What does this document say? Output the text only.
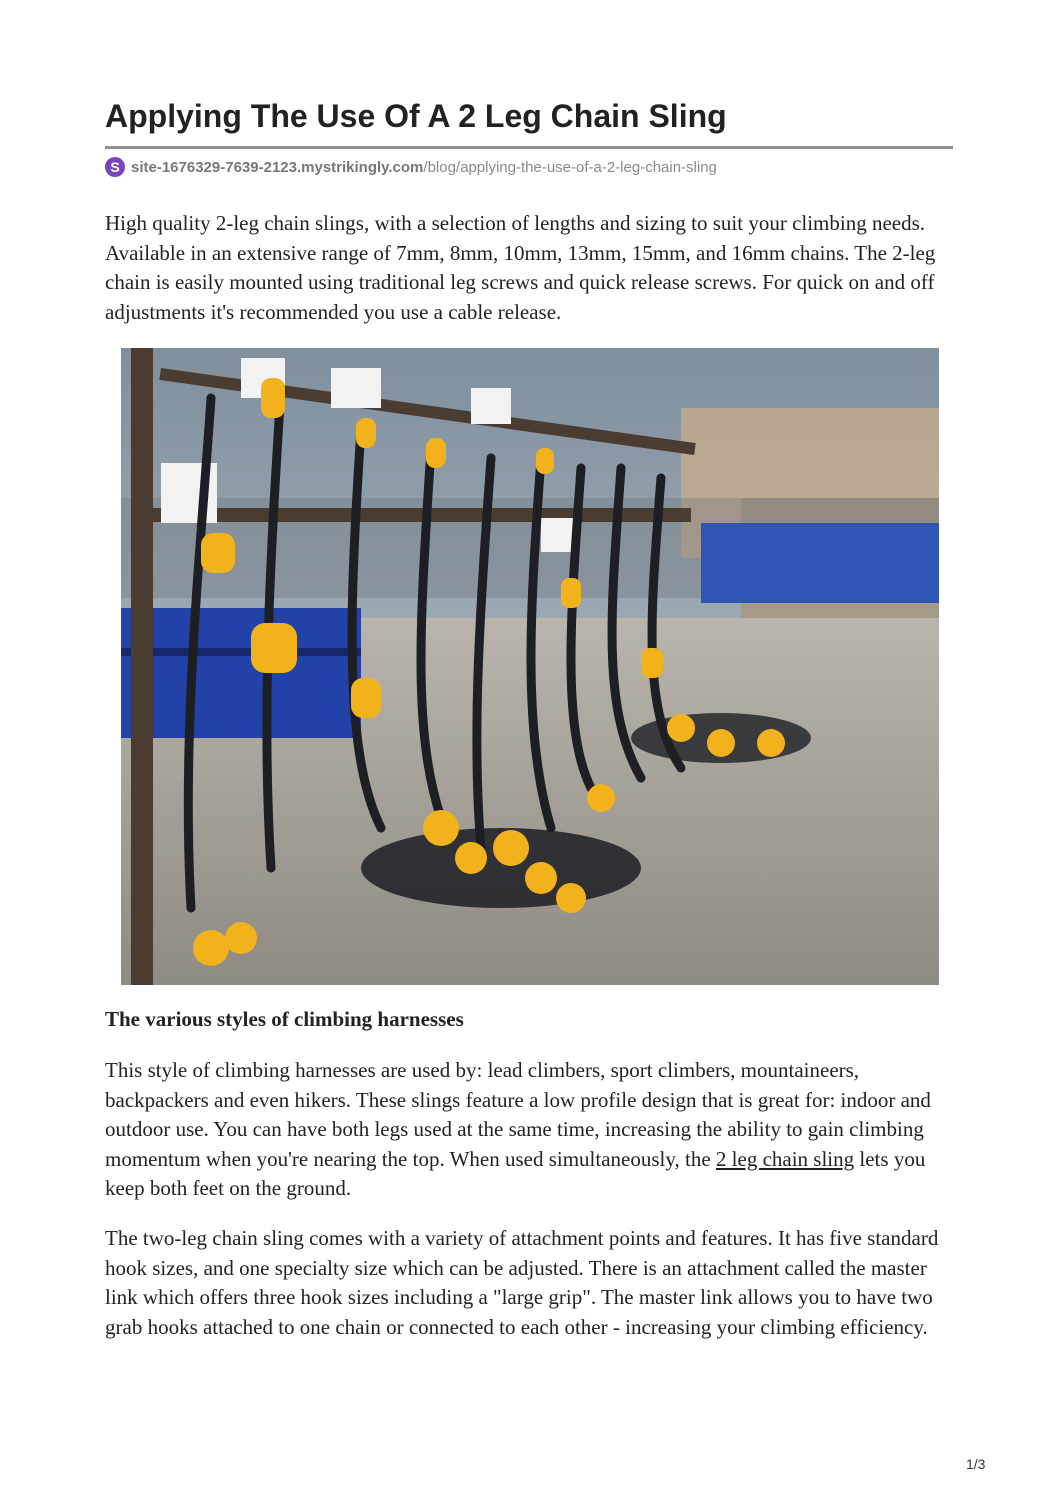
Applying The Use Of A 2 Leg Chain Sling
S site-1676329-7639-2123.mystrikingly.com /blog/applying-the-use-of-a-2-leg-chain-sling

High quality 2-leg chain slings, with a selection of lengths and sizing to suit your climbing needs. Available in an extensive range of 7mm, 8mm, 10mm, 13mm, 15mm, and 16mm chains. The 2-leg chain is easily mounted using traditional leg screws and quick release screws. For quick on and off adjustments it's recommended you use a cable release.

The various styles of climbing harnesses

This style of climbing harnesses are used by: lead climbers, sport climbers, mountaineers, backpackers and even hikers. These slings feature a low profile design that is great for: indoor and outdoor use. You can have both legs used at the same time, increasing the ability to gain climbing momentum when you're nearing the top. When used simultaneously, the 2 leg chain sling lets you keep both feet on the ground.

The two-leg chain sling comes with a variety of attachment points and features. It has five standard hook sizes, and one specialty size which can be adjusted. There is an attachment called the master link which offers three hook sizes including a "large grip". The master link allows you to have two grab hooks attached to one chain or connected to each other - increasing your climbing efficiency.

1/3
